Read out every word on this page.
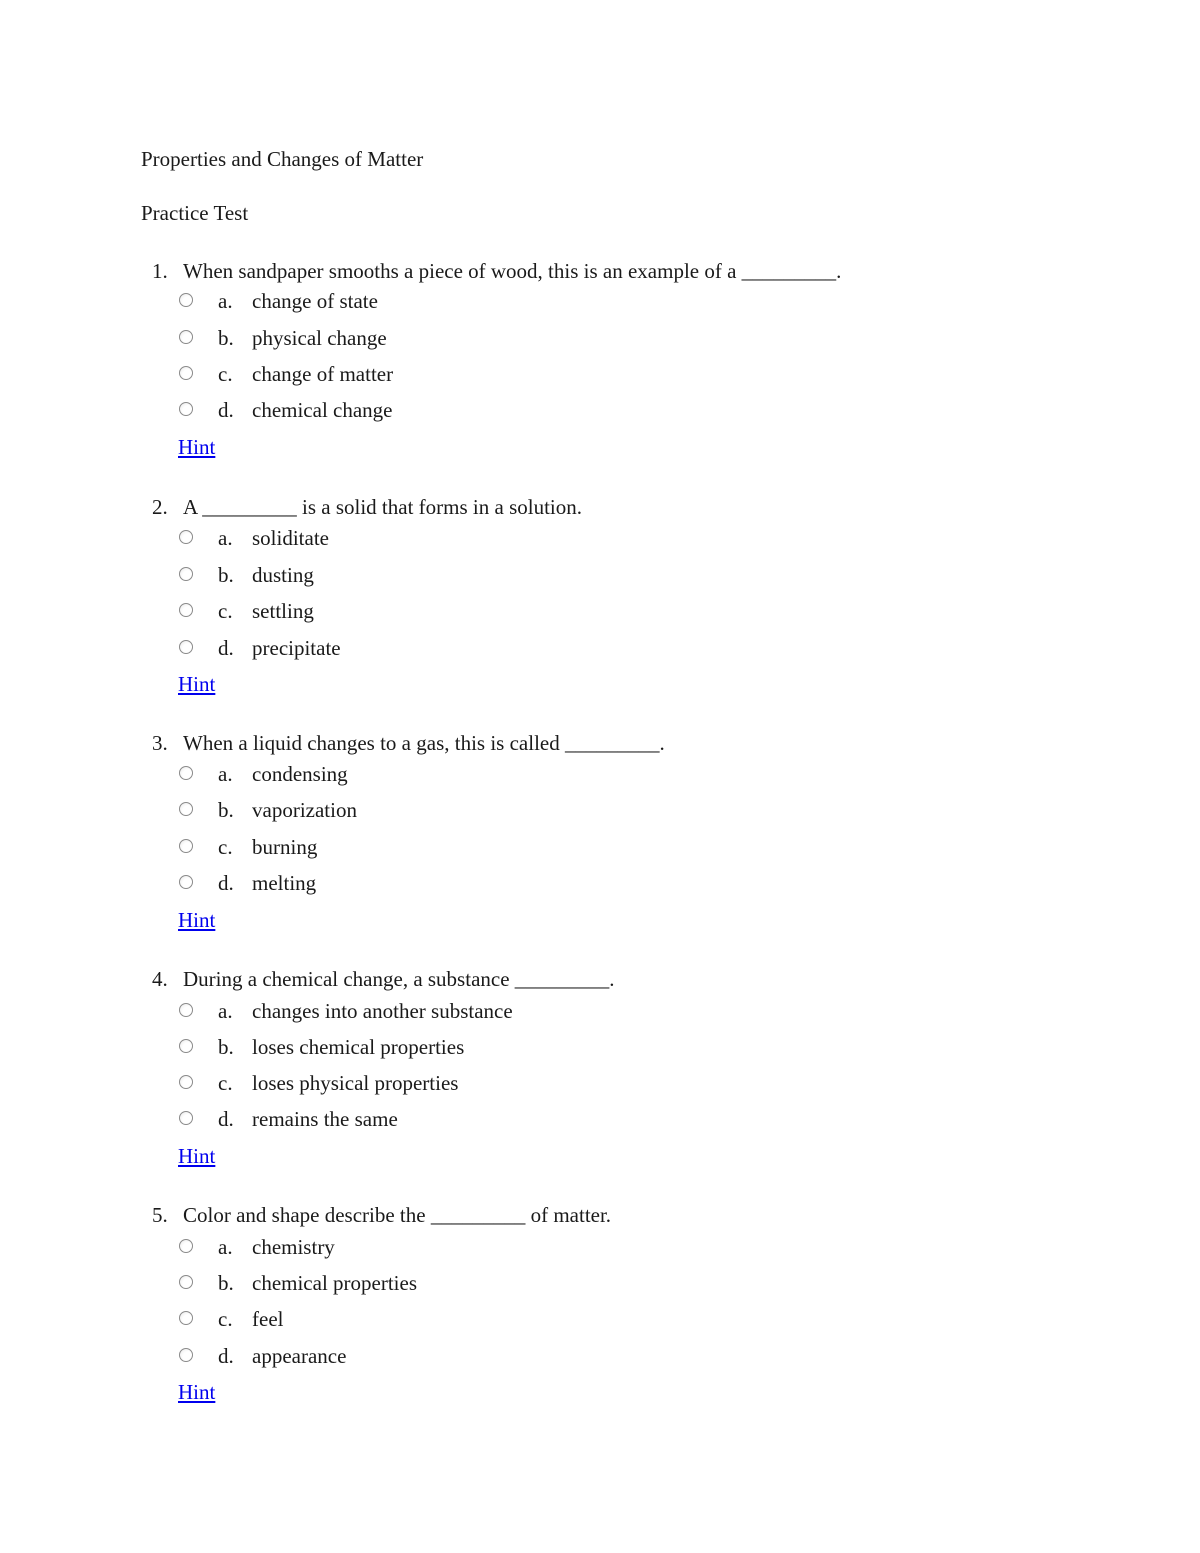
Properties and Changes of Matter
Practice Test
1. When sandpaper smooths a piece of wood, this is an example of a _________.
a. change of state
b. physical change
c. change of matter
d. chemical change
Hint
2. A _________ is a solid that forms in a solution.
a. soliditate
b. dusting
c. settling
d. precipitate
Hint
3. When a liquid changes to a gas, this is called _________.
a. condensing
b. vaporization
c. burning
d. melting
Hint
4. During a chemical change, a substance _________.
a. changes into another substance
b. loses chemical properties
c. loses physical properties
d. remains the same
Hint
5. Color and shape describe the _________ of matter.
a. chemistry
b. chemical properties
c. feel
d. appearance
Hint
